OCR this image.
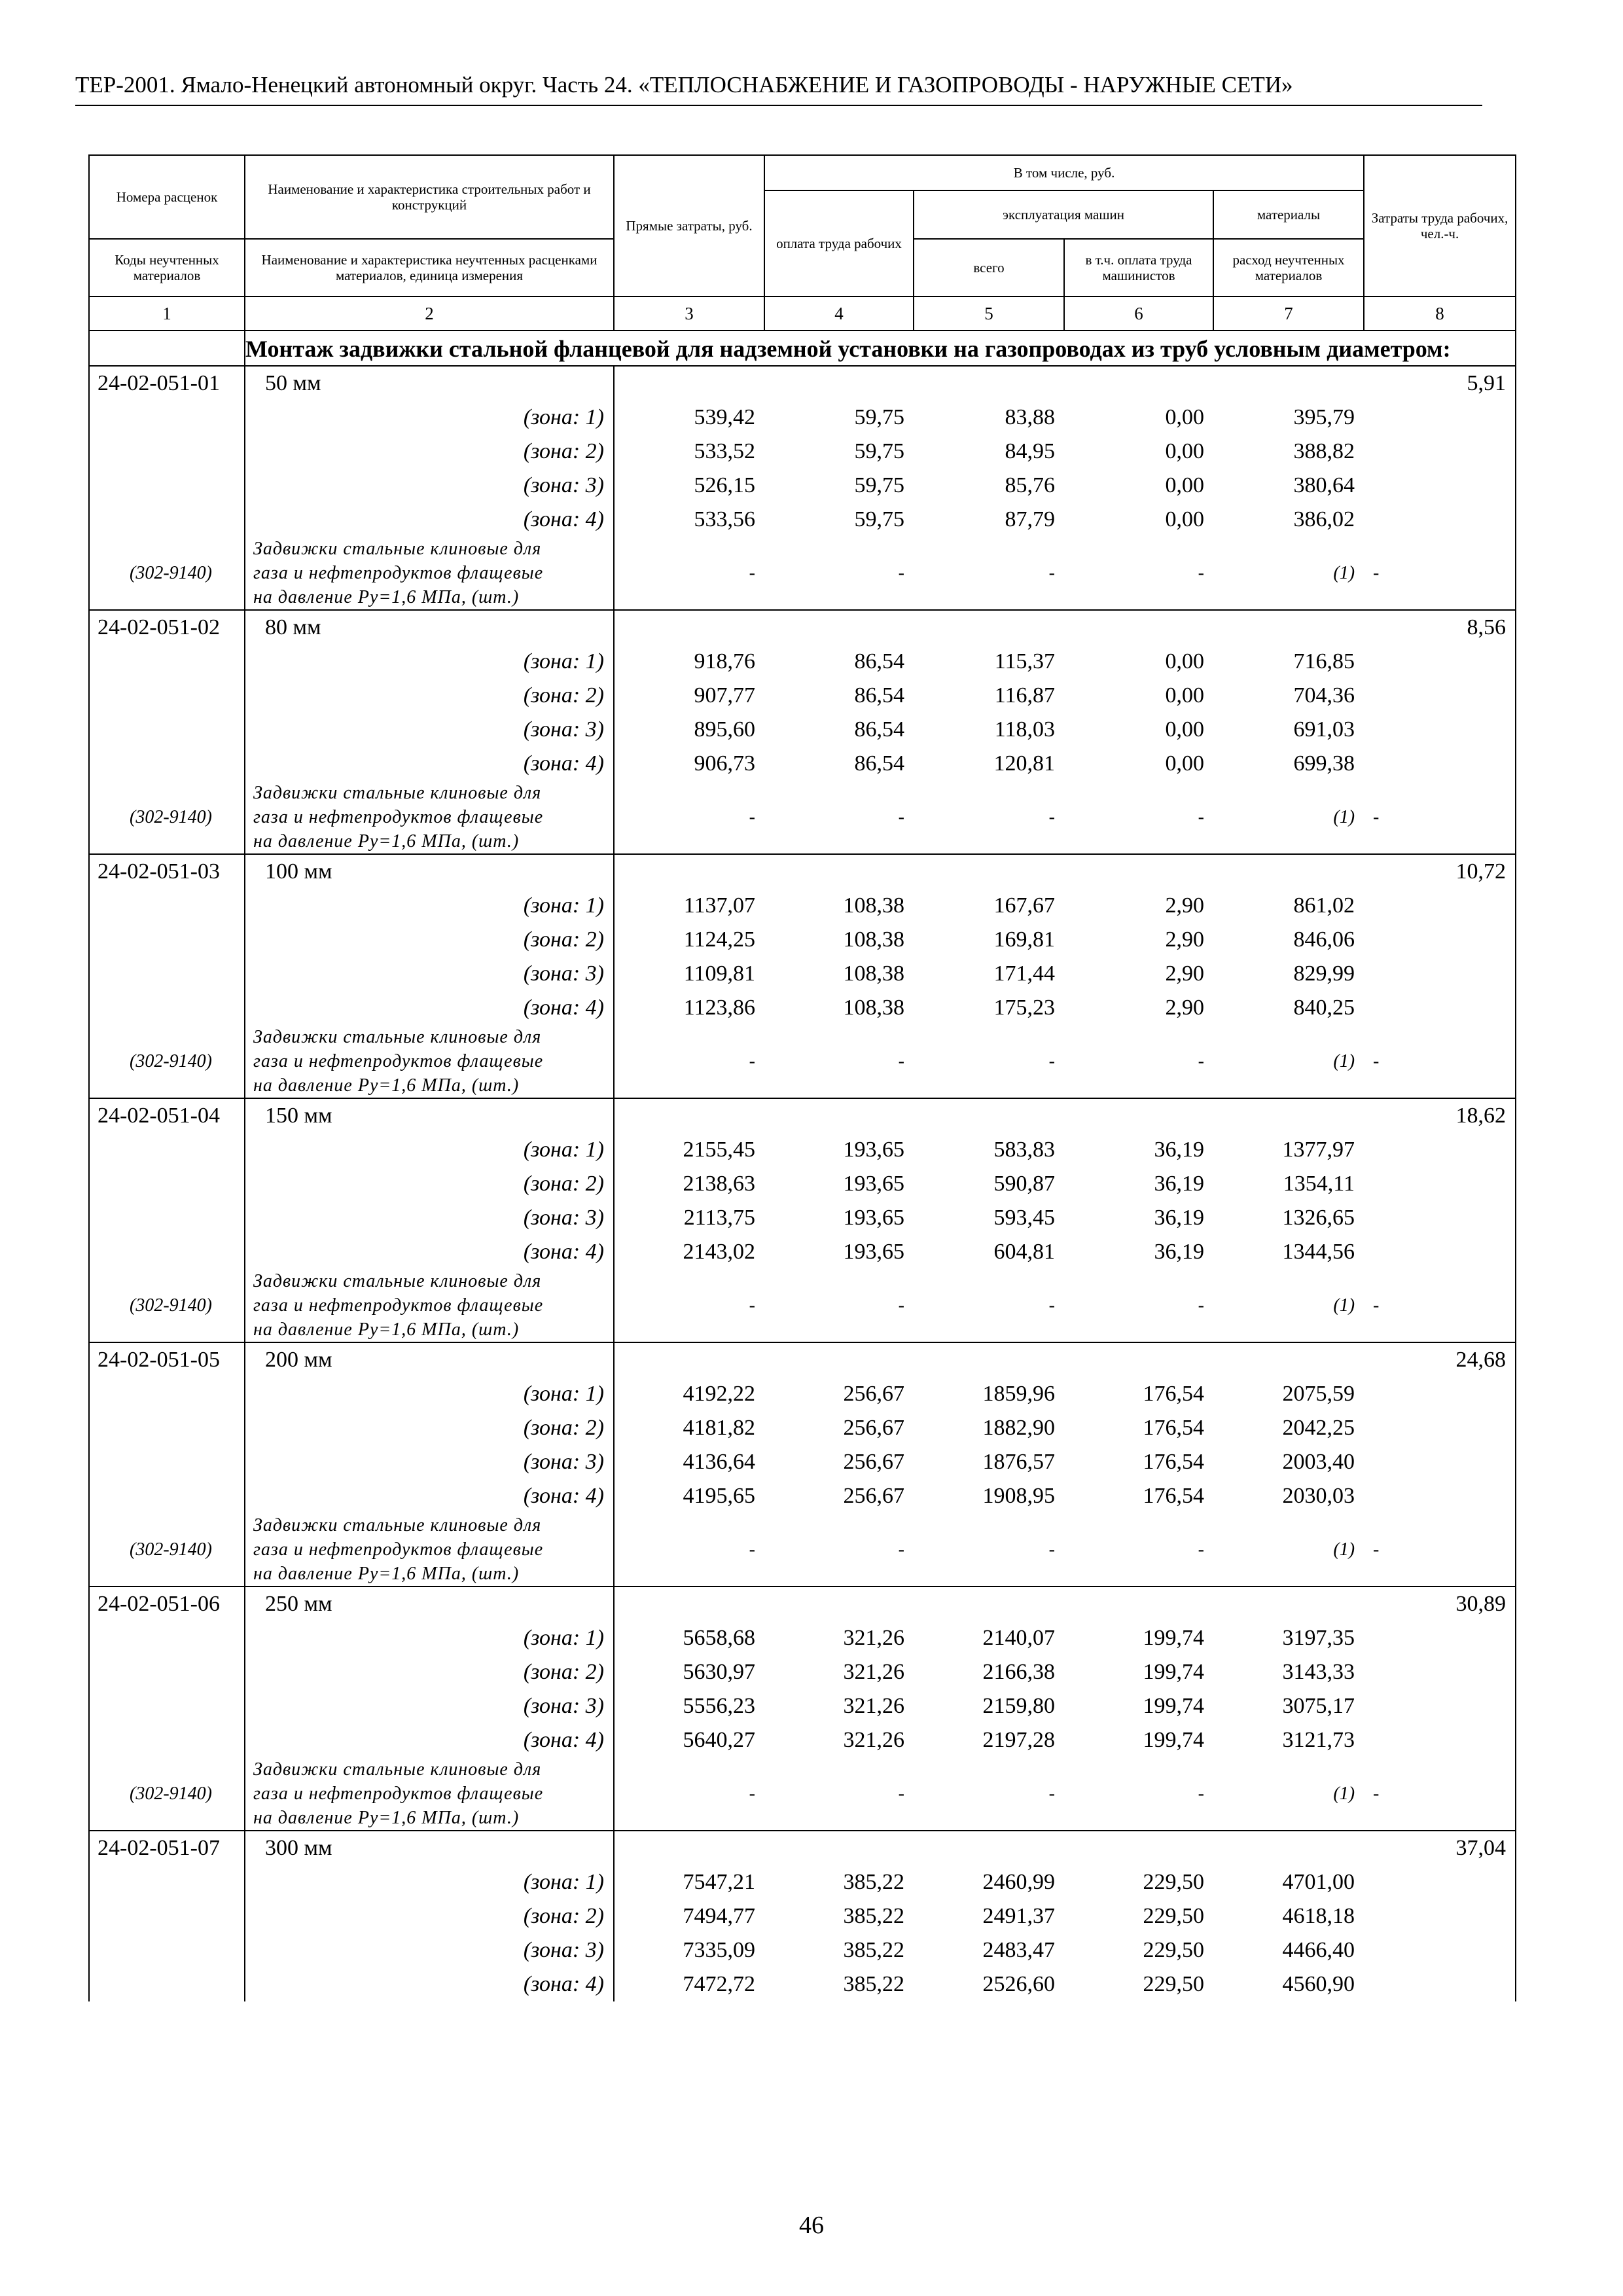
ТЕР-2001. Ямало-Ненецкий автономный округ. Часть 24. «ТЕПЛОСНАБЖЕНИЕ И ГАЗОПРОВОДЫ - НАРУЖНЫЕ СЕТИ»
Номера расценок	Наименование и характеристика строительных работ и конструкций	Прямые затраты, руб.	В том числе, руб.				Затраты труда рабочих, чел.-ч.
			оплата труда рабочих	эксплуатация машин		материалы	
Коды неучтенных материалов	Наименование и характеристика неучтенных расценками материалов, единица измерения			всего	в т.ч. оплата труда машинистов	расход неучтенных материалов	

1	2	3	4	5	6	7	8
	Монтаж задвижки стальной фланцевой для надземной установки на газопроводах из труб условным диаметром:						
24-02-051-01	50 мм						5,91
	(зона: 1)	539,42	59,75	83,88	0,00	395,79	
	(зона: 2)	533,52	59,75	84,95	0,00	388,82	
	(зона: 3)	526,15	59,75	85,76	0,00	380,64	
	(зона: 4)	533,56	59,75	87,79	0,00	386,02	
(302-9140)	Задвижки стальные клиновые для
газа и нефтепродуктов флащевые
на давление Ру=1,6 МПа, (шт.)	-	-	-	-	(1)	-
24-02-051-02	80 мм						8,56
	(зона: 1)	918,76	86,54	115,37	0,00	716,85	
	(зона: 2)	907,77	86,54	116,87	0,00	704,36	
	(зона: 3)	895,60	86,54	118,03	0,00	691,03	
	(зона: 4)	906,73	86,54	120,81	0,00	699,38	
(302-9140)	Задвижки стальные клиновые для
газа и нефтепродуктов флащевые
на давление Ру=1,6 МПа, (шт.)	-	-	-	-	(1)	-
24-02-051-03	100 мм						10,72
	(зона: 1)	1137,07	108,38	167,67	2,90	861,02	
	(зона: 2)	1124,25	108,38	169,81	2,90	846,06	
	(зона: 3)	1109,81	108,38	171,44	2,90	829,99	
	(зона: 4)	1123,86	108,38	175,23	2,90	840,25	
(302-9140)	Задвижки стальные клиновые для
газа и нефтепродуктов флащевые
на давление Ру=1,6 МПа, (шт.)	-	-	-	-	(1)	-
24-02-051-04	150 мм						18,62
	(зона: 1)	2155,45	193,65	583,83	36,19	1377,97	
	(зона: 2)	2138,63	193,65	590,87	36,19	1354,11	
	(зона: 3)	2113,75	193,65	593,45	36,19	1326,65	
	(зона: 4)	2143,02	193,65	604,81	36,19	1344,56	
(302-9140)	Задвижки стальные клиновые для
газа и нефтепродуктов флащевые
на давление Ру=1,6 МПа, (шт.)	-	-	-	-	(1)	-
24-02-051-05	200 мм						24,68
	(зона: 1)	4192,22	256,67	1859,96	176,54	2075,59	
	(зона: 2)	4181,82	256,67	1882,90	176,54	2042,25	
	(зона: 3)	4136,64	256,67	1876,57	176,54	2003,40	
	(зона: 4)	4195,65	256,67	1908,95	176,54	2030,03	
(302-9140)	Задвижки стальные клиновые для
газа и нефтепродуктов флащевые
на давление Ру=1,6 МПа, (шт.)	-	-	-	-	(1)	-
24-02-051-06	250 мм						30,89
	(зона: 1)	5658,68	321,26	2140,07	199,74	3197,35	
	(зона: 2)	5630,97	321,26	2166,38	199,74	3143,33	
	(зона: 3)	5556,23	321,26	2159,80	199,74	3075,17	
	(зона: 4)	5640,27	321,26	2197,28	199,74	3121,73	
(302-9140)	Задвижки стальные клиновые для
газа и нефтепродуктов флащевые
на давление Ру=1,6 МПа, (шт.)	-	-	-	-	(1)	-
24-02-051-07	300 мм						37,04
	(зона: 1)	7547,21	385,22	2460,99	229,50	4701,00	
	(зона: 2)	7494,77	385,22	2491,37	229,50	4618,18	
	(зона: 3)	7335,09	385,22	2483,47	229,50	4466,40	
	(зона: 4)	7472,72	385,22	2526,60	229,50	4560,90	
46
